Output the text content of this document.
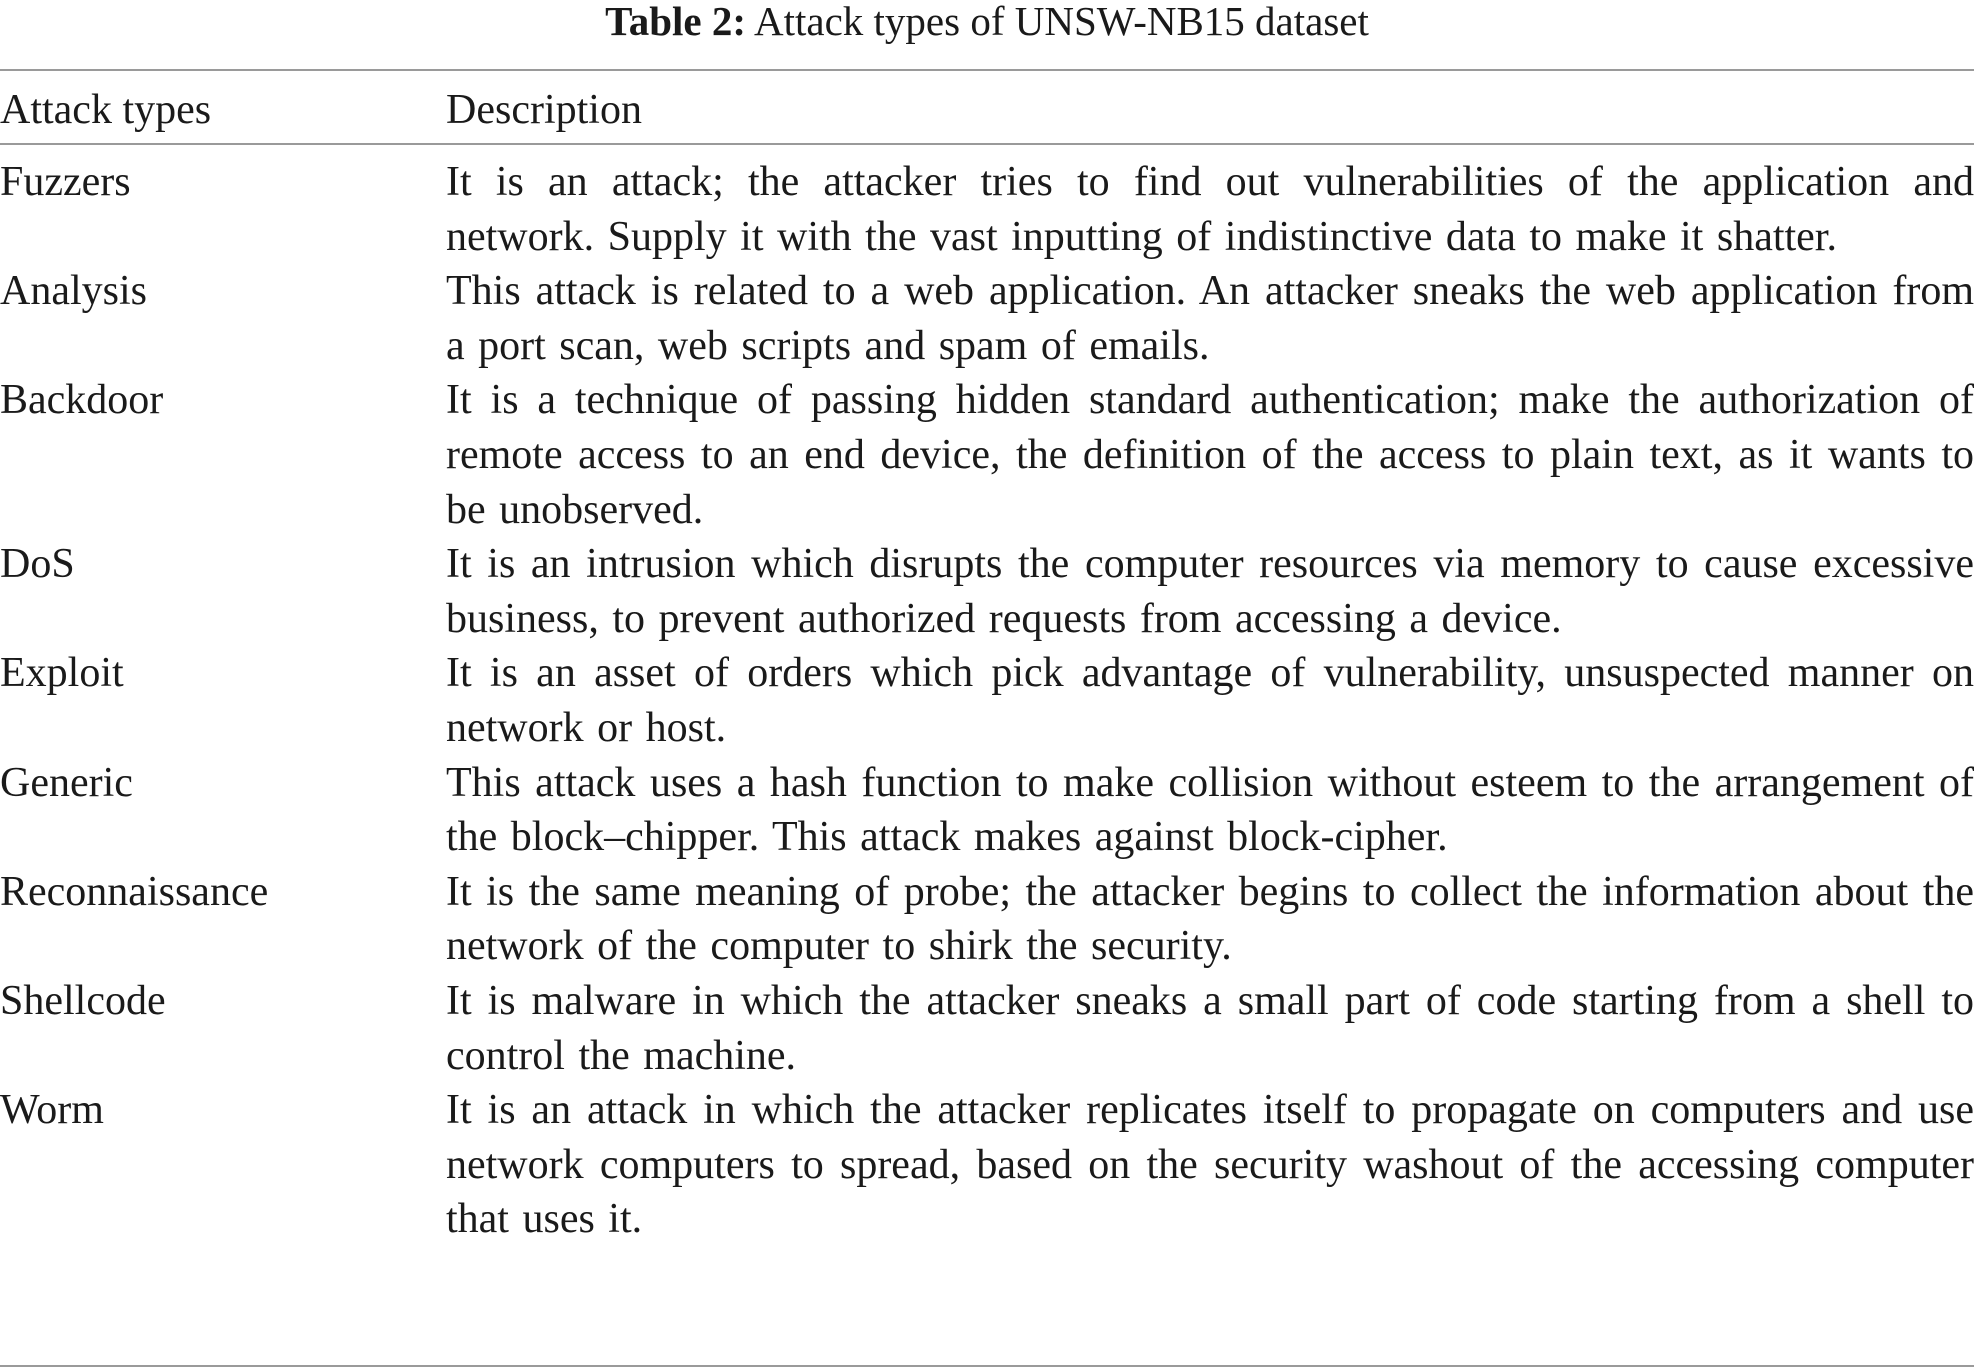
Table 2: Attack types of UNSW-NB15 dataset
Attack types	Description
Fuzzers	It is an attack; the attacker tries to find out vulnerabilities of the application and network. Supply it with the vast inputting of indistinctive data to make it shatter.
Analysis	This attack is related to a web application. An attacker sneaks the web application from a port scan, web scripts and spam of emails.
Backdoor	It is a technique of passing hidden standard authentication; make the authorization of remote access to an end device, the definition of the access to plain text, as it wants to be unobserved.
DoS	It is an intrusion which disrupts the computer resources via memory to cause excessive business, to prevent authorized requests from accessing a device.
Exploit	It is an asset of orders which pick advantage of vulnerability, unsuspected manner on network or host.
Generic	This attack uses a hash function to make collision without esteem to the arrangement of the block–chipper. This attack makes against block-cipher.
Reconnaissance	It is the same meaning of probe; the attacker begins to collect the information about the network of the computer to shirk the security.
Shellcode	It is malware in which the attacker sneaks a small part of code starting from a shell to control the machine.
Worm	It is an attack in which the attacker replicates itself to propagate on computers and use network computers to spread, based on the security washout of the accessing computer that uses it.
